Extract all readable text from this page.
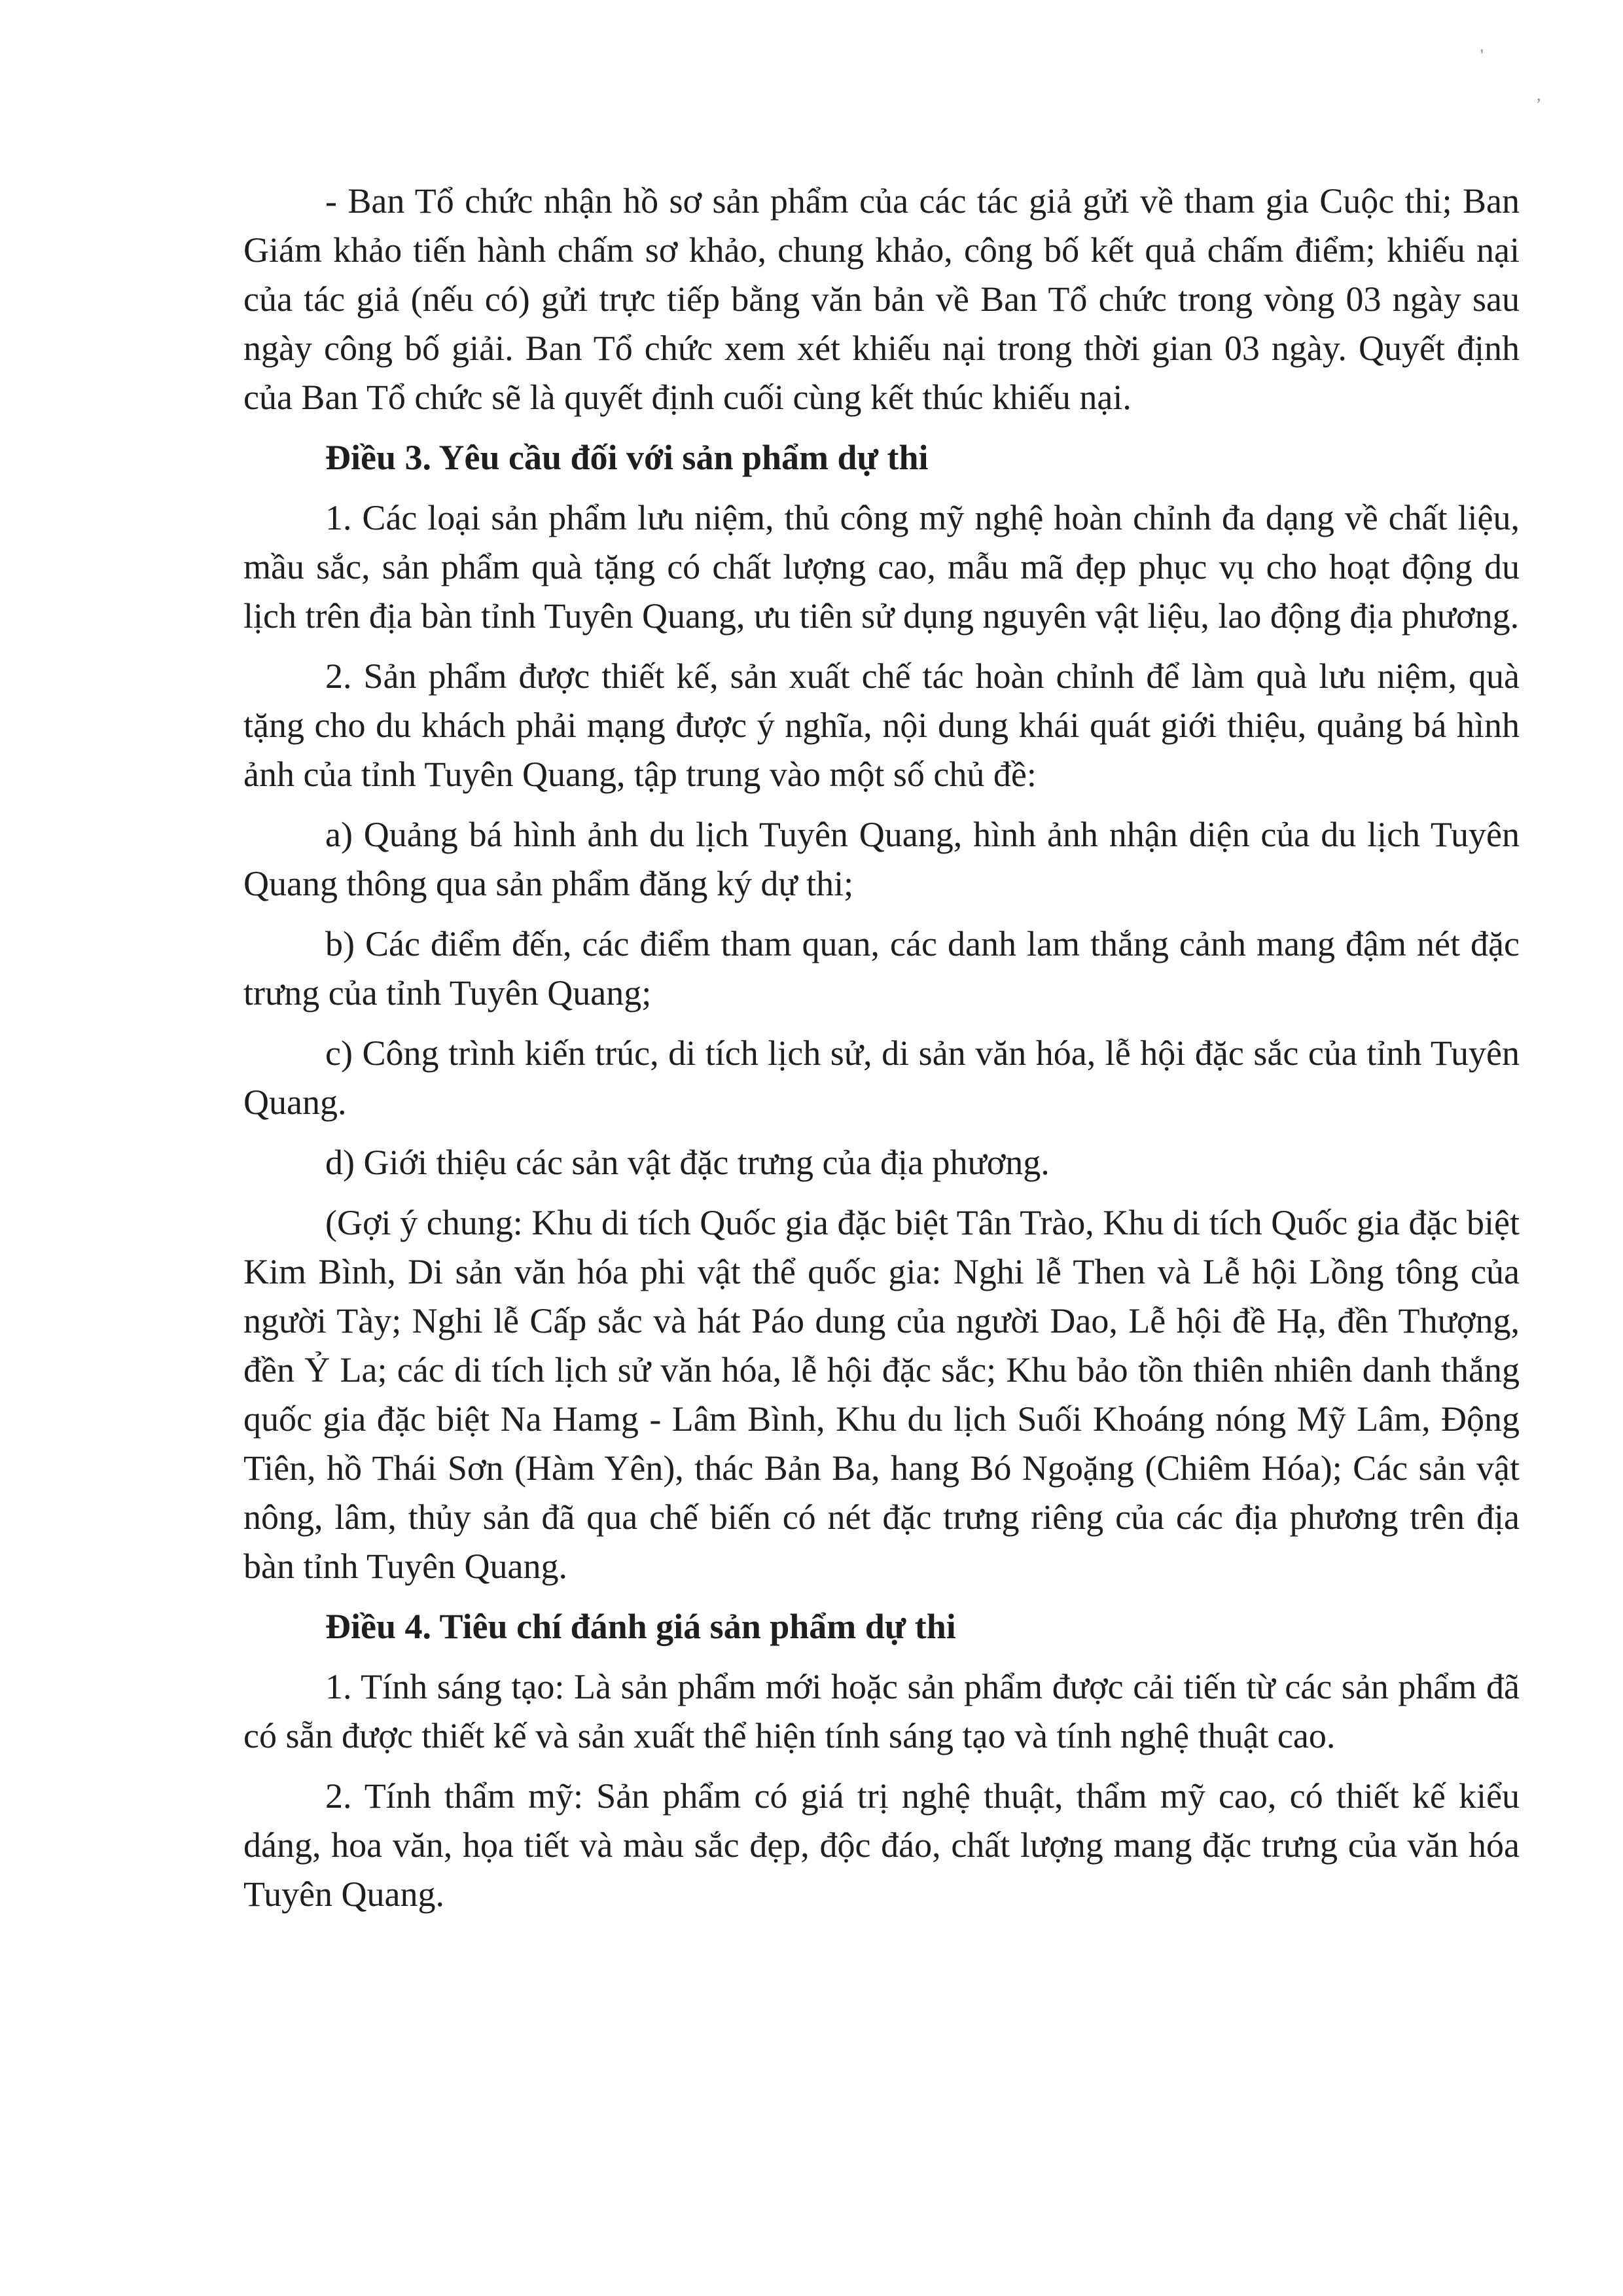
'
,

- Ban Tổ chức nhận hồ sơ sản phẩm của các tác giả gửi về tham gia Cuộc thi; Ban Giám khảo tiến hành chấm sơ khảo, chung khảo, công bố kết quả chấm điểm; khiếu nại của tác giả (nếu có) gửi trực tiếp bằng văn bản về Ban Tổ chức trong vòng 03 ngày sau ngày công bố giải. Ban Tổ chức xem xét khiếu nại trong thời gian 03 ngày. Quyết định của Ban Tổ chức sẽ là quyết định cuối cùng kết thúc khiếu nại.

Điều 3. Yêu cầu đối với sản phẩm dự thi

1. Các loại sản phẩm lưu niệm, thủ công mỹ nghệ hoàn chỉnh đa dạng về chất liệu, mầu sắc, sản phẩm quà tặng có chất lượng cao, mẫu mã đẹp phục vụ cho hoạt động du lịch trên địa bàn tỉnh Tuyên Quang, ưu tiên sử dụng nguyên vật liệu, lao động địa phương.

2. Sản phẩm được thiết kế, sản xuất chế tác hoàn chỉnh để làm quà lưu niệm, quà tặng cho du khách phải mạng được ý nghĩa, nội dung khái quát giới thiệu, quảng bá hình ảnh của tỉnh Tuyên Quang, tập trung vào một số chủ đề:

a) Quảng bá hình ảnh du lịch Tuyên Quang, hình ảnh nhận diện của du lịch Tuyên Quang thông qua sản phẩm đăng ký dự thi;

b) Các điểm đến, các điểm tham quan, các danh lam thắng cảnh mang đậm nét đặc trưng của tỉnh Tuyên Quang;

c) Công trình kiến trúc, di tích lịch sử, di sản văn hóa, lễ hội đặc sắc của tỉnh Tuyên Quang.

d) Giới thiệu các sản vật đặc trưng của địa phương.

(Gợi ý chung: Khu di tích Quốc gia đặc biệt Tân Trào, Khu di tích Quốc gia đặc biệt Kim Bình, Di sản văn hóa phi vật thể quốc gia: Nghi lễ Then và Lễ hội Lồng tông của người Tày; Nghi lễ Cấp sắc và hát Páo dung của người Dao, Lễ hội đề Hạ, đền Thượng, đền Ỷ La; các di tích lịch sử văn hóa, lễ hội đặc sắc; Khu bảo tồn thiên nhiên danh thắng quốc gia đặc biệt Na Hamg - Lâm Bình, Khu du lịch Suối Khoáng nóng Mỹ Lâm, Động Tiên, hồ Thái Sơn (Hàm Yên), thác Bản Ba, hang Bó Ngoặng (Chiêm Hóa); Các sản vật nông, lâm, thủy sản đã qua chế biến có nét đặc trưng riêng của các địa phương trên địa bàn tỉnh Tuyên Quang.

Điều 4. Tiêu chí đánh giá sản phẩm dự thi

1. Tính sáng tạo: Là sản phẩm mới hoặc sản phẩm được cải tiến từ các sản phẩm đã có sẵn được thiết kế và sản xuất thể hiện tính sáng tạo và tính nghệ thuật cao.

2. Tính thẩm mỹ: Sản phẩm có giá trị nghệ thuật, thẩm mỹ cao, có thiết kế kiểu dáng, hoa văn, họa tiết và màu sắc đẹp, độc đáo, chất lượng mang đặc trưng của văn hóa Tuyên Quang.
